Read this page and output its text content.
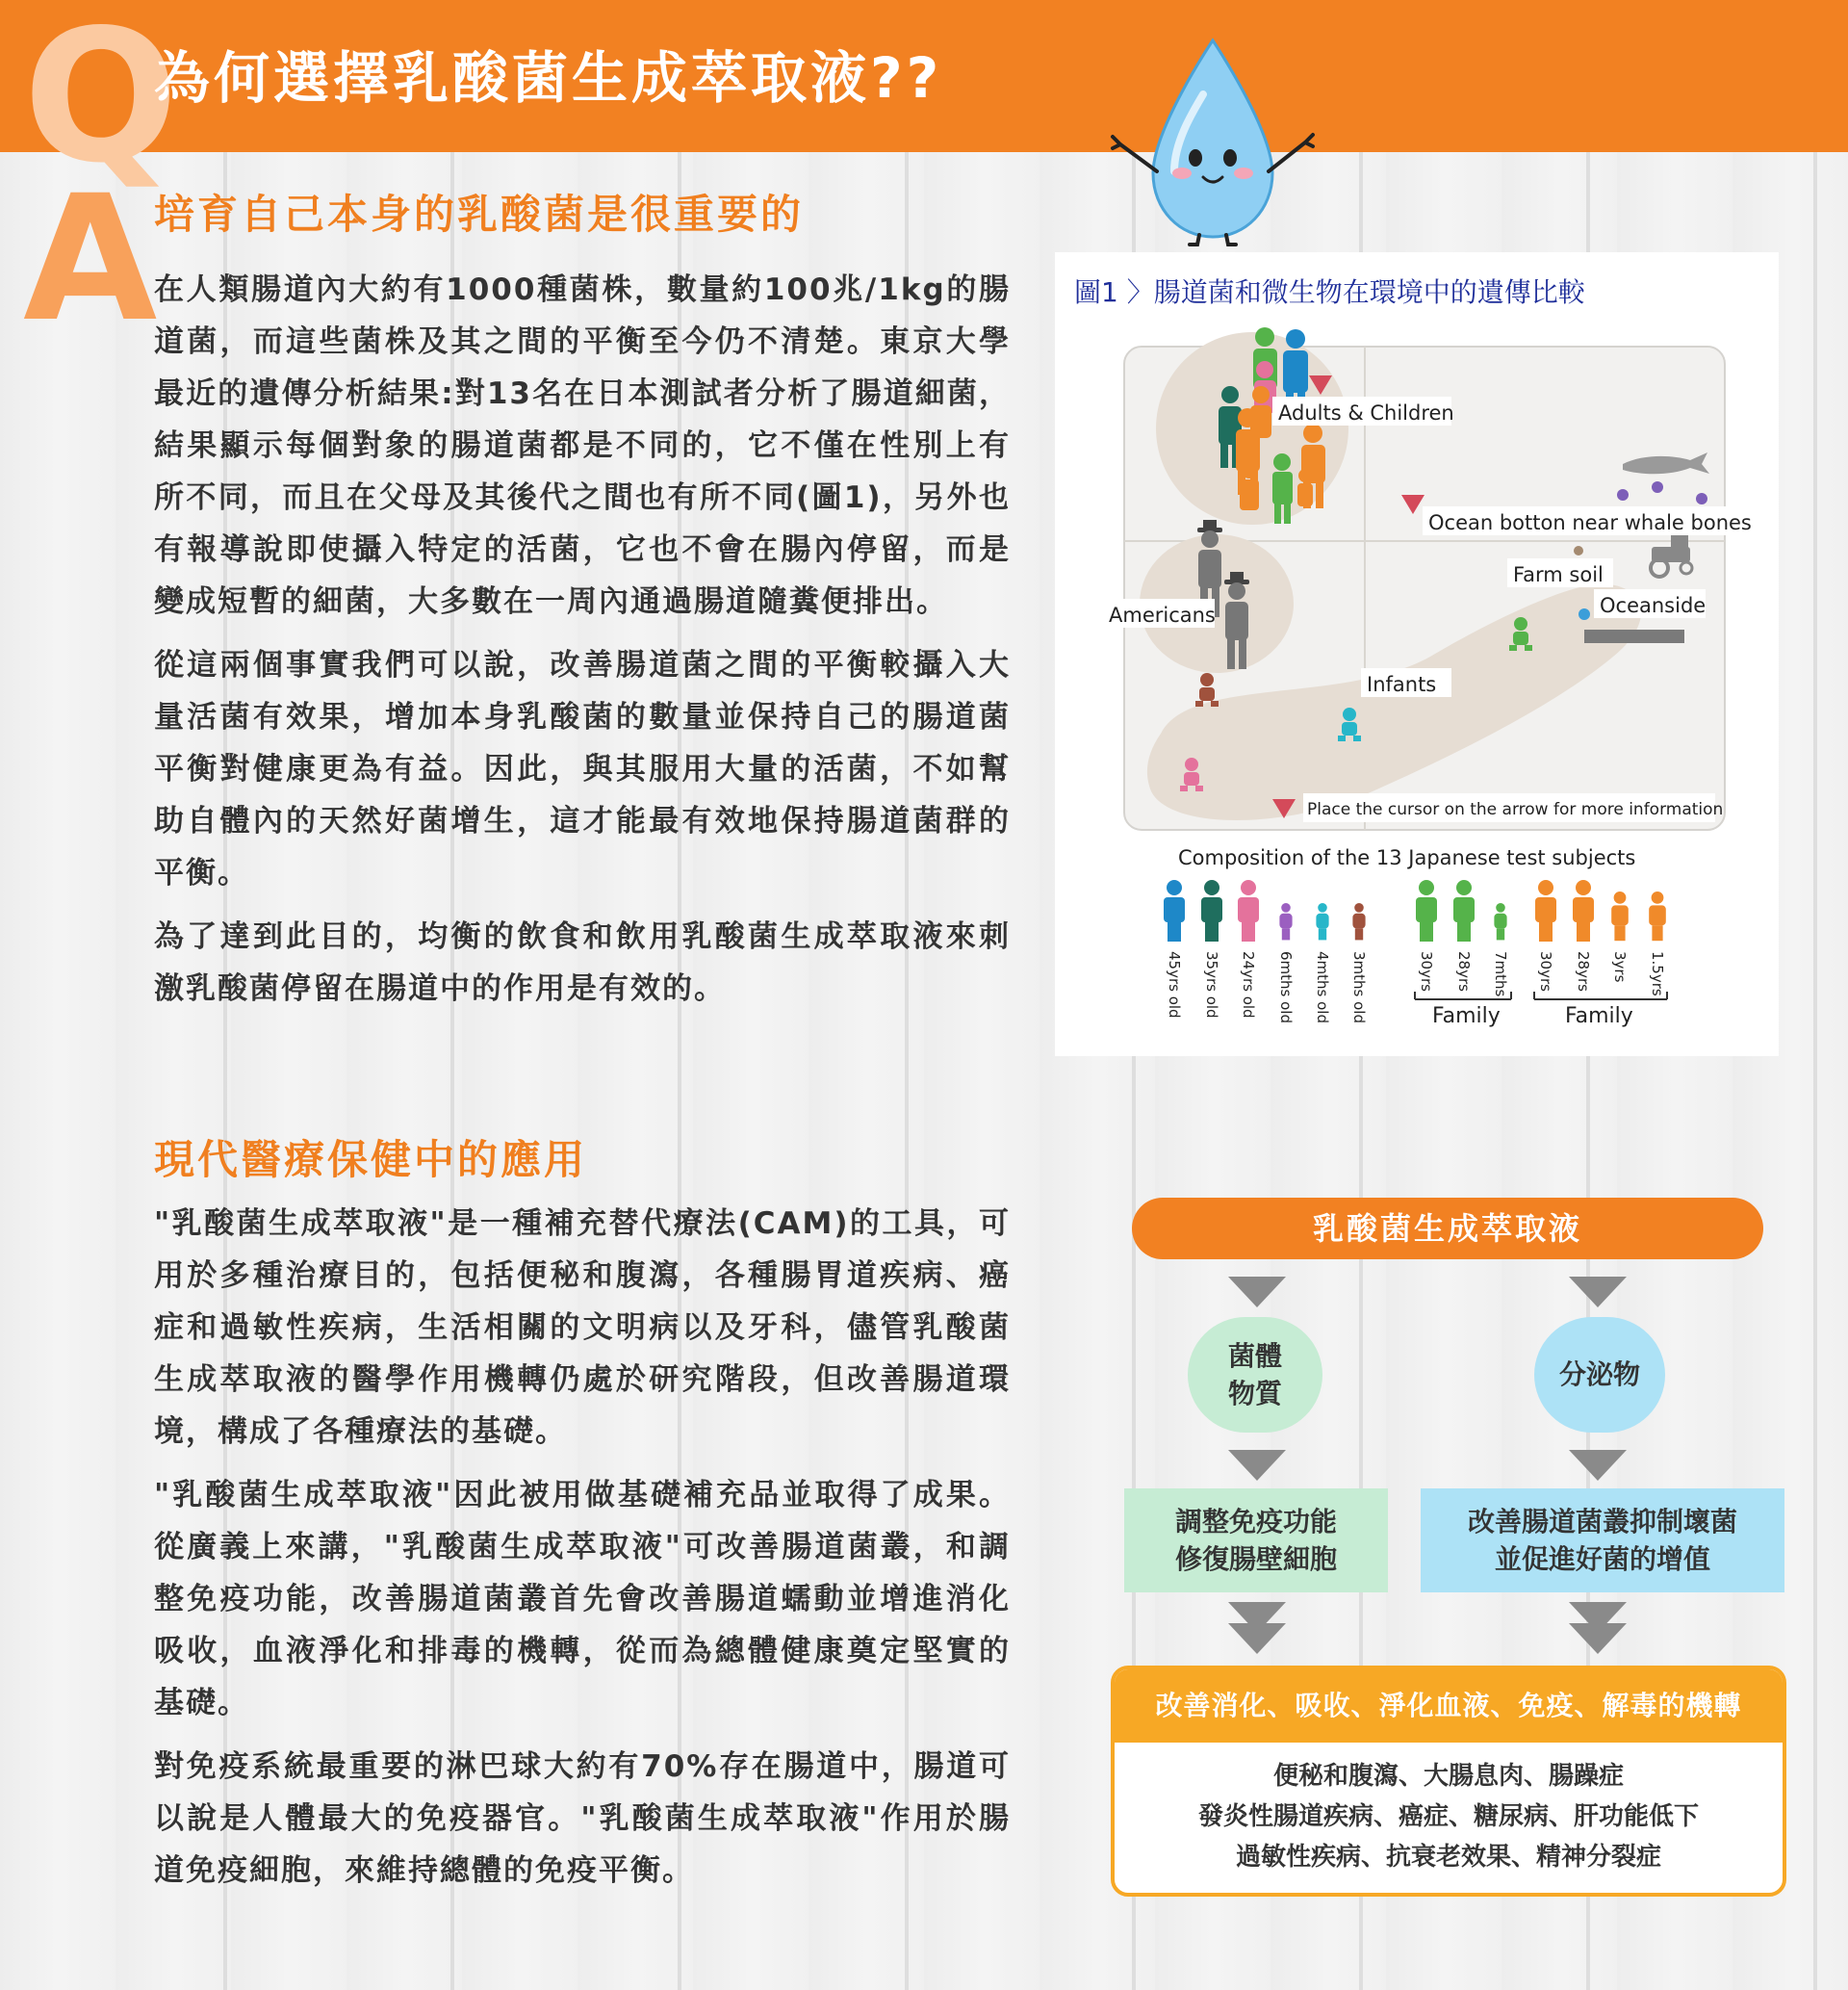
Q
為何選擇乳酸菌生成萃取液??
A
培育自己本身的乳酸菌是很重要的

在人類腸道內大約有1000種菌株，數量約100兆/1kg的腸道菌，而這些菌株及其之間的平衡至今仍不清楚。東京大學最近的遺傳分析結果:對13名在日本測試者分析了腸道細菌，結果顯示每個對象的腸道菌都是不同的，它不僅在性別上有所不同，而且在父母及其後代之間也有所不同(圖1)，另外也有報導說即使攝入特定的活菌，它也不會在腸內停留，而是變成短暫的細菌，大多數在一周內通過腸道隨糞便排出。

從這兩個事實我們可以說，改善腸道菌之間的平衡較攝入大量活菌有效果，增加本身乳酸菌的數量並保持自己的腸道菌平衡對健康更為有益。因此，與其服用大量的活菌，不如幫助自體內的天然好菌增生，這才能最有效地保持腸道菌群的平衡。

為了達到此目的，均衡的飲食和飲用乳酸菌生成萃取液來刺激乳酸菌停留在腸道中的作用是有效的。

現代醫療保健中的應用

"乳酸菌生成萃取液"是一種補充替代療法(CAM)的工具，可用於多種治療目的，包括便秘和腹瀉，各種腸胃道疾病、癌症和過敏性疾病，生活相關的文明病以及牙科，儘管乳酸菌生成萃取液的醫學作用機轉仍處於研究階段，但改善腸道環境，構成了各種療法的基礎。

"乳酸菌生成萃取液"因此被用做基礎補充品並取得了成果。從廣義上來講，"乳酸菌生成萃取液"可改善腸道菌叢，和調整免疫功能，改善腸道菌叢首先會改善腸道蠕動並增進消化吸收，血液淨化和排毒的機轉，從而為總體健康奠定堅實的基礎。

對免疫系統最重要的淋巴球大約有70%存在腸道中，腸道可以說是人體最大的免疫器官。"乳酸菌生成萃取液"作用於腸道免疫細胞，來維持總體的免疫平衡。

Adults & Children
Ocean botton near whale bones
Farm soil
Oceanside
Americans
Infants
Place the cursor on the arrow for more information
Composition of the 13 Japanese test subjects
45yrs old 35yrs old 24yrs old 6mths old 4mths old 3mths old	30yrs 28yrs 7mths 30yrs 28yrs 3yrs 1.5yrs
Family	Family
圖1 〉腸道菌和微生物在環境中的遺傳比較
乳酸菌生成萃取液
菌體
物質
分泌物
調整免疫功能
修復腸壁細胞
改善腸道菌叢抑制壞菌
並促進好菌的增值
改善消化、吸收、淨化血液、免疫、解毒的機轉
便秘和腹瀉、大腸息肉、腸躁症
發炎性腸道疾病、癌症、糖尿病、肝功能低下
過敏性疾病、抗衰老效果、精神分裂症
